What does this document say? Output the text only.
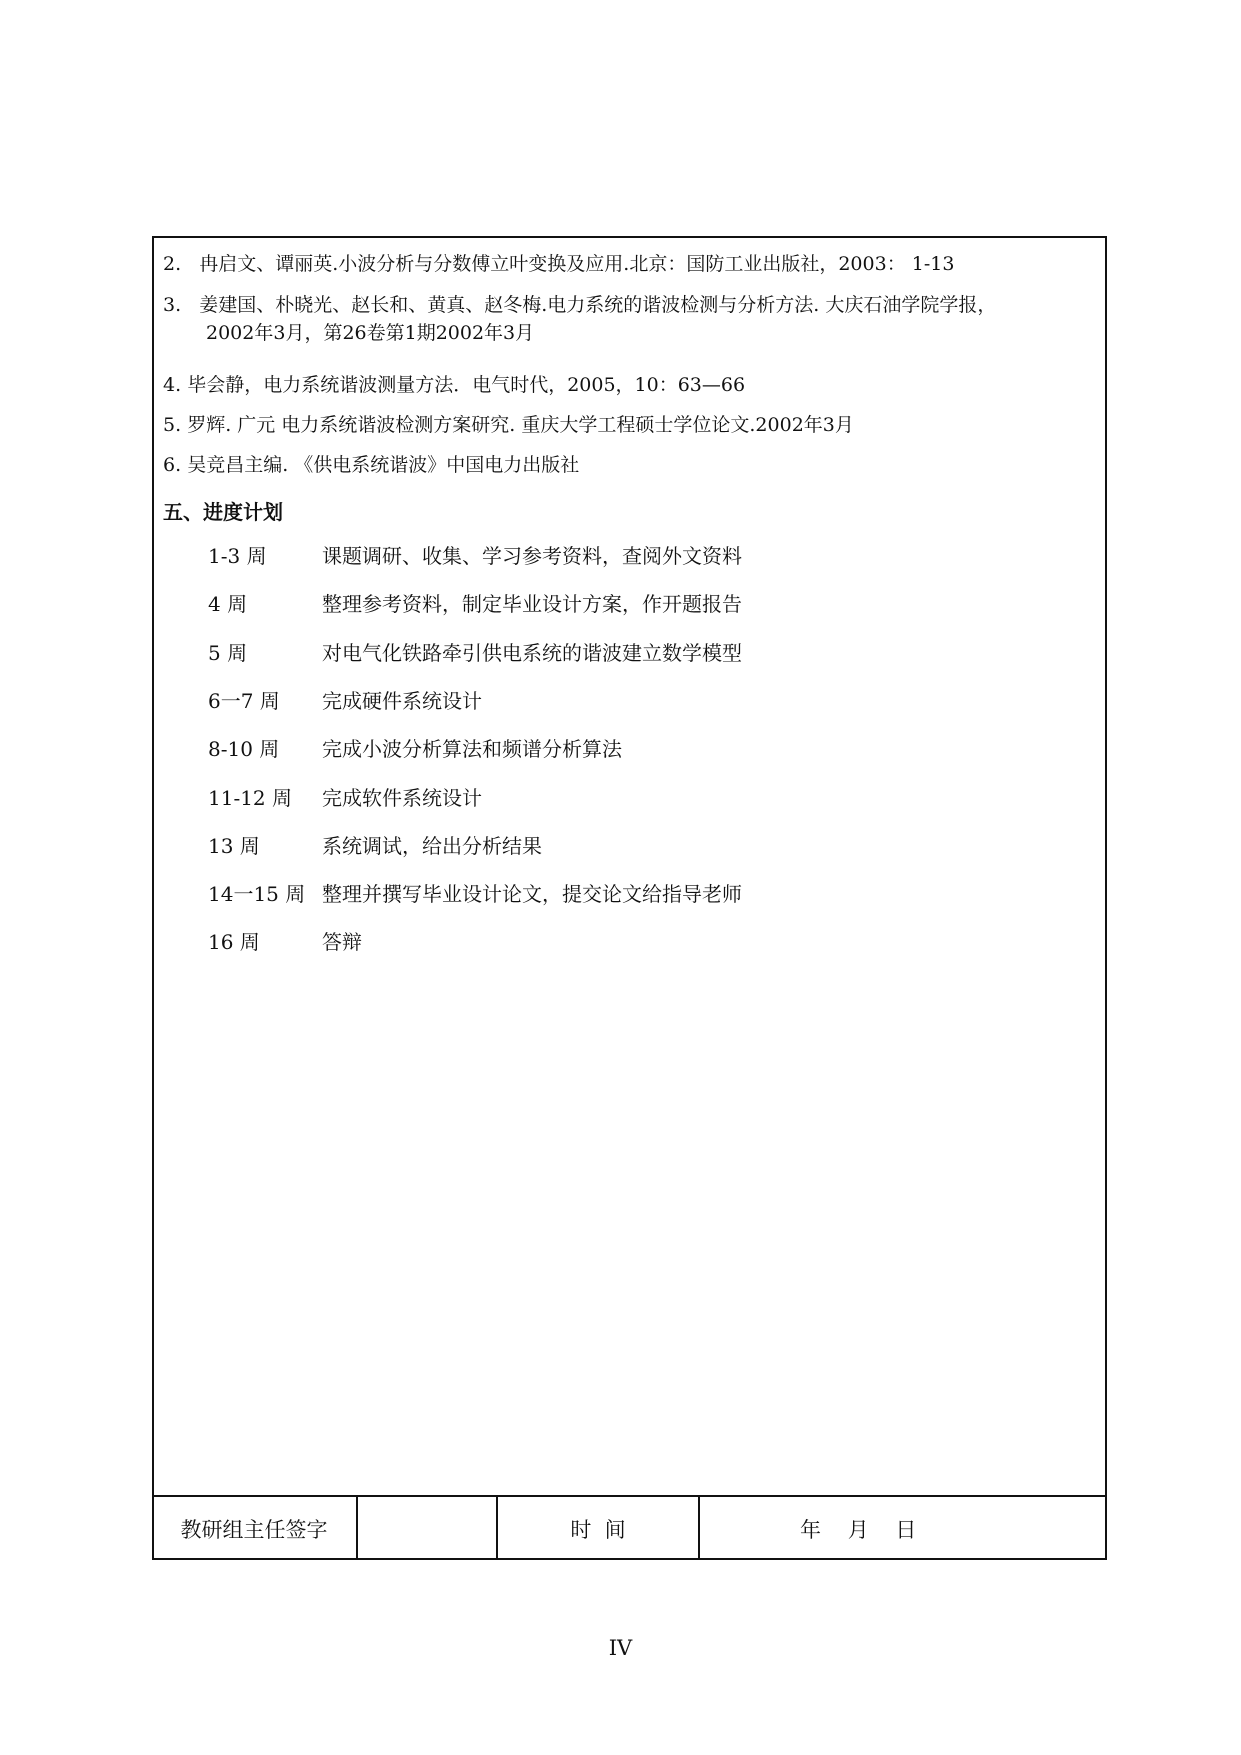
2. 冉启文、谭丽英.小波分析与分数傅立叶变换及应用.北京：国防工业出版社，2003： 1-13
3. 姜建国、朴晓光、赵长和、黄真、赵冬梅.电力系统的谐波检测与分析方法. 大庆石油学院学报，
2002年3月，第26卷第1期2002年3月
4. 毕会静，电力系统谐波测量方法．电气时代，2005，10：63—66
5. 罗辉. 广元 电力系统谐波检测方案研究. 重庆大学工程硕士学位论文.2002年3月
6. 吴竞昌主编. 《供电系统谐波》中国电力出版社
五、进度计划
1-3 周	课题调研、收集、学习参考资料，查阅外文资料
4 周	整理参考资料，制定毕业设计方案，作开题报告
5 周	对电气化铁路牵引供电系统的谐波建立数学模型
6一7 周 完成硬件系统设计
8-10 周 完成小波分析算法和频谱分析算法
11-12 周 完成软件系统设计
13 周	系统调试，给出分析结果
14一15 周 整理并撰写毕业设计论文，提交论文给指导老师
16 周	答辩
教研组主任签字	时  间	年    月    日
IV
